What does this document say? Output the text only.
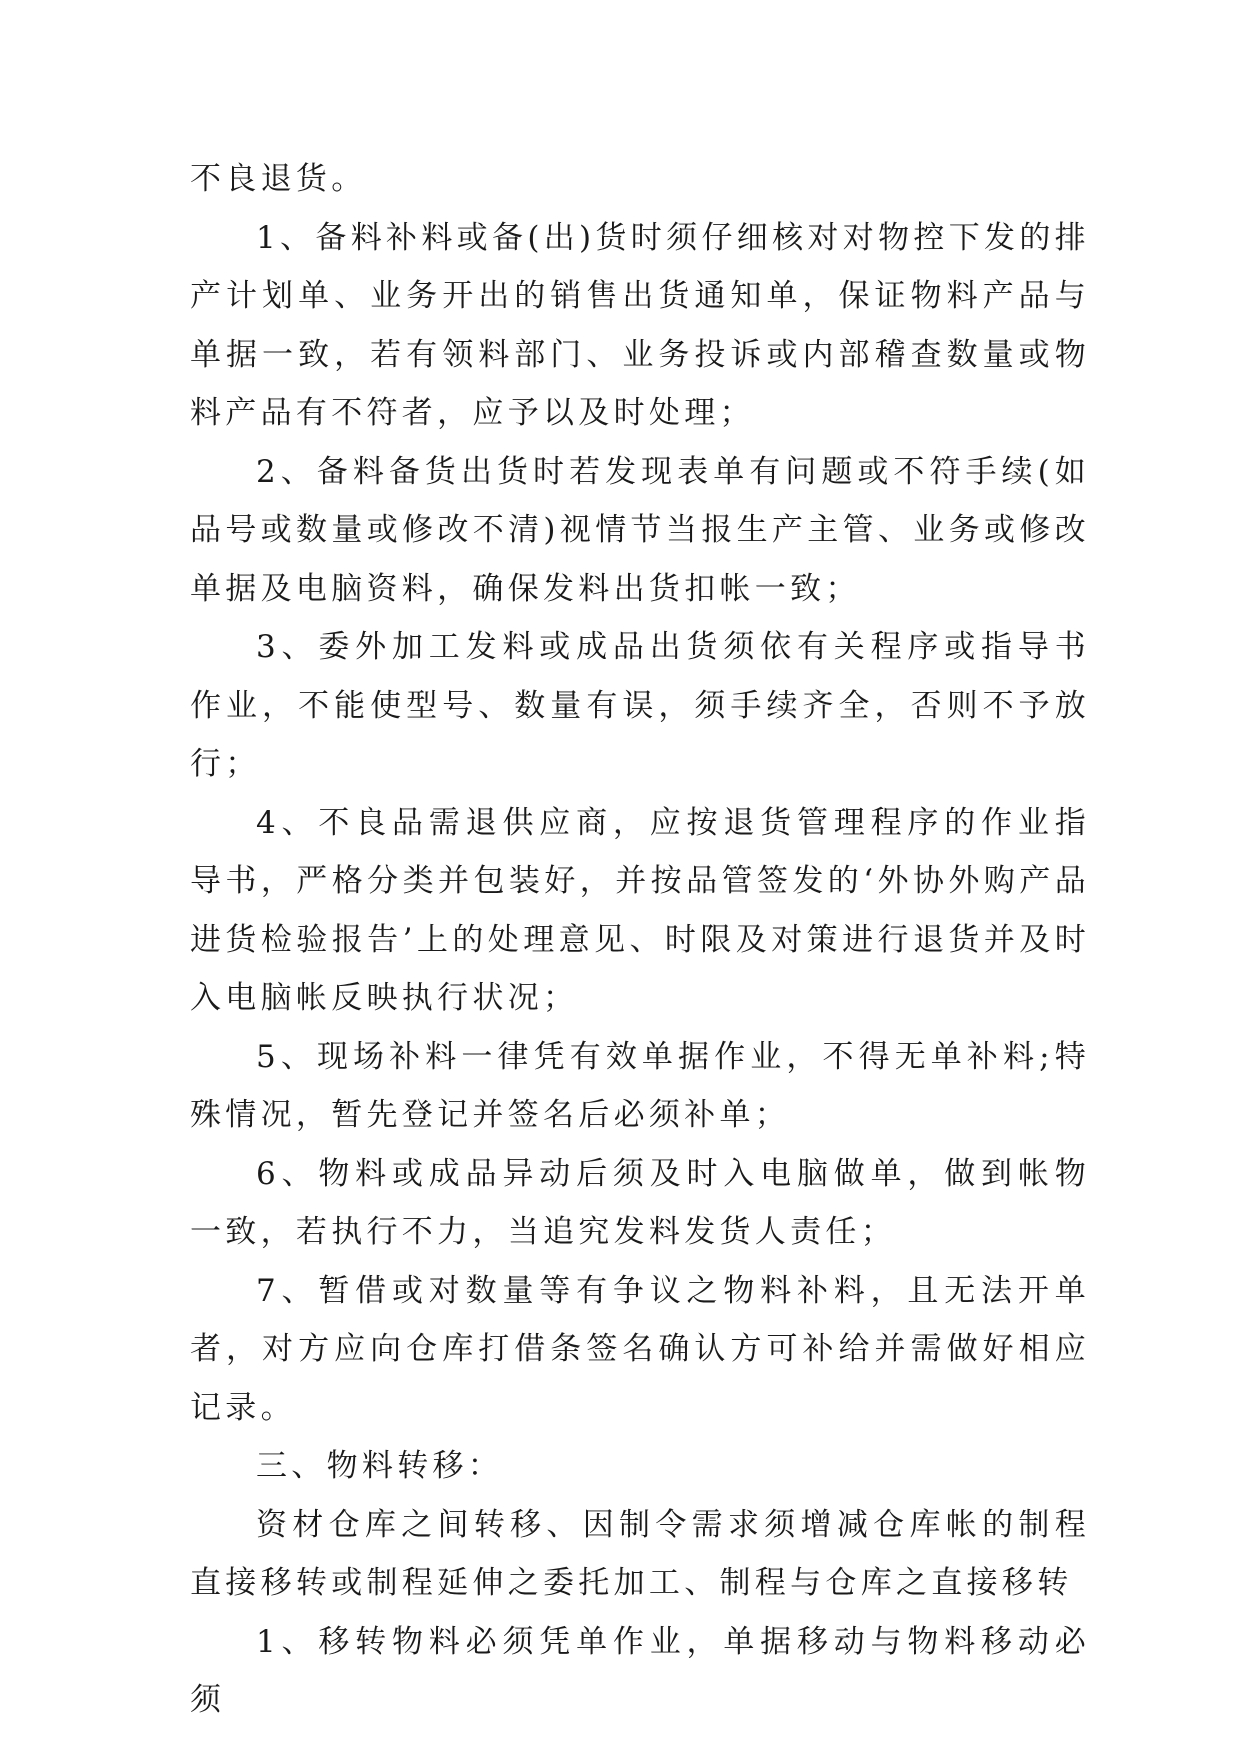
不良退货。

1、备料补料或备(出)货时须仔细核对对物控下发的排产计划单、业务开出的销售出货通知单，保证物料产品与单据一致，若有领料部门、业务投诉或内部稽查数量或物料产品有不符者，应予以及时处理；

2、备料备货出货时若发现表单有问题或不符手续(如品号或数量或修改不清)视情节当报生产主管、业务或修改单据及电脑资料，确保发料出货扣帐一致；

3、委外加工发料或成品出货须依有关程序或指导书作业，不能使型号、数量有误，须手续齐全，否则不予放行；

4、不良品需退供应商，应按退货管理程序的作业指导书，严格分类并包装好，并按品管签发的‘外协外购产品进货检验报告’上的处理意见、时限及对策进行退货并及时入电脑帐反映执行状况；

5、现场补料一律凭有效单据作业，不得无单补料;特殊情况，暂先登记并签名后必须补单；

6、物料或成品异动后须及时入电脑做单，做到帐物一致，若执行不力，当追究发料发货人责任；

7、暂借或对数量等有争议之物料补料，且无法开单者，对方应向仓库打借条签名确认方可补给并需做好相应记录。

三、物料转移：

资材仓库之间转移、因制令需求须增减仓库帐的制程直接移转或制程延伸之委托加工、制程与仓库之直接移转

1、移转物料必须凭单作业，单据移动与物料移动必须
